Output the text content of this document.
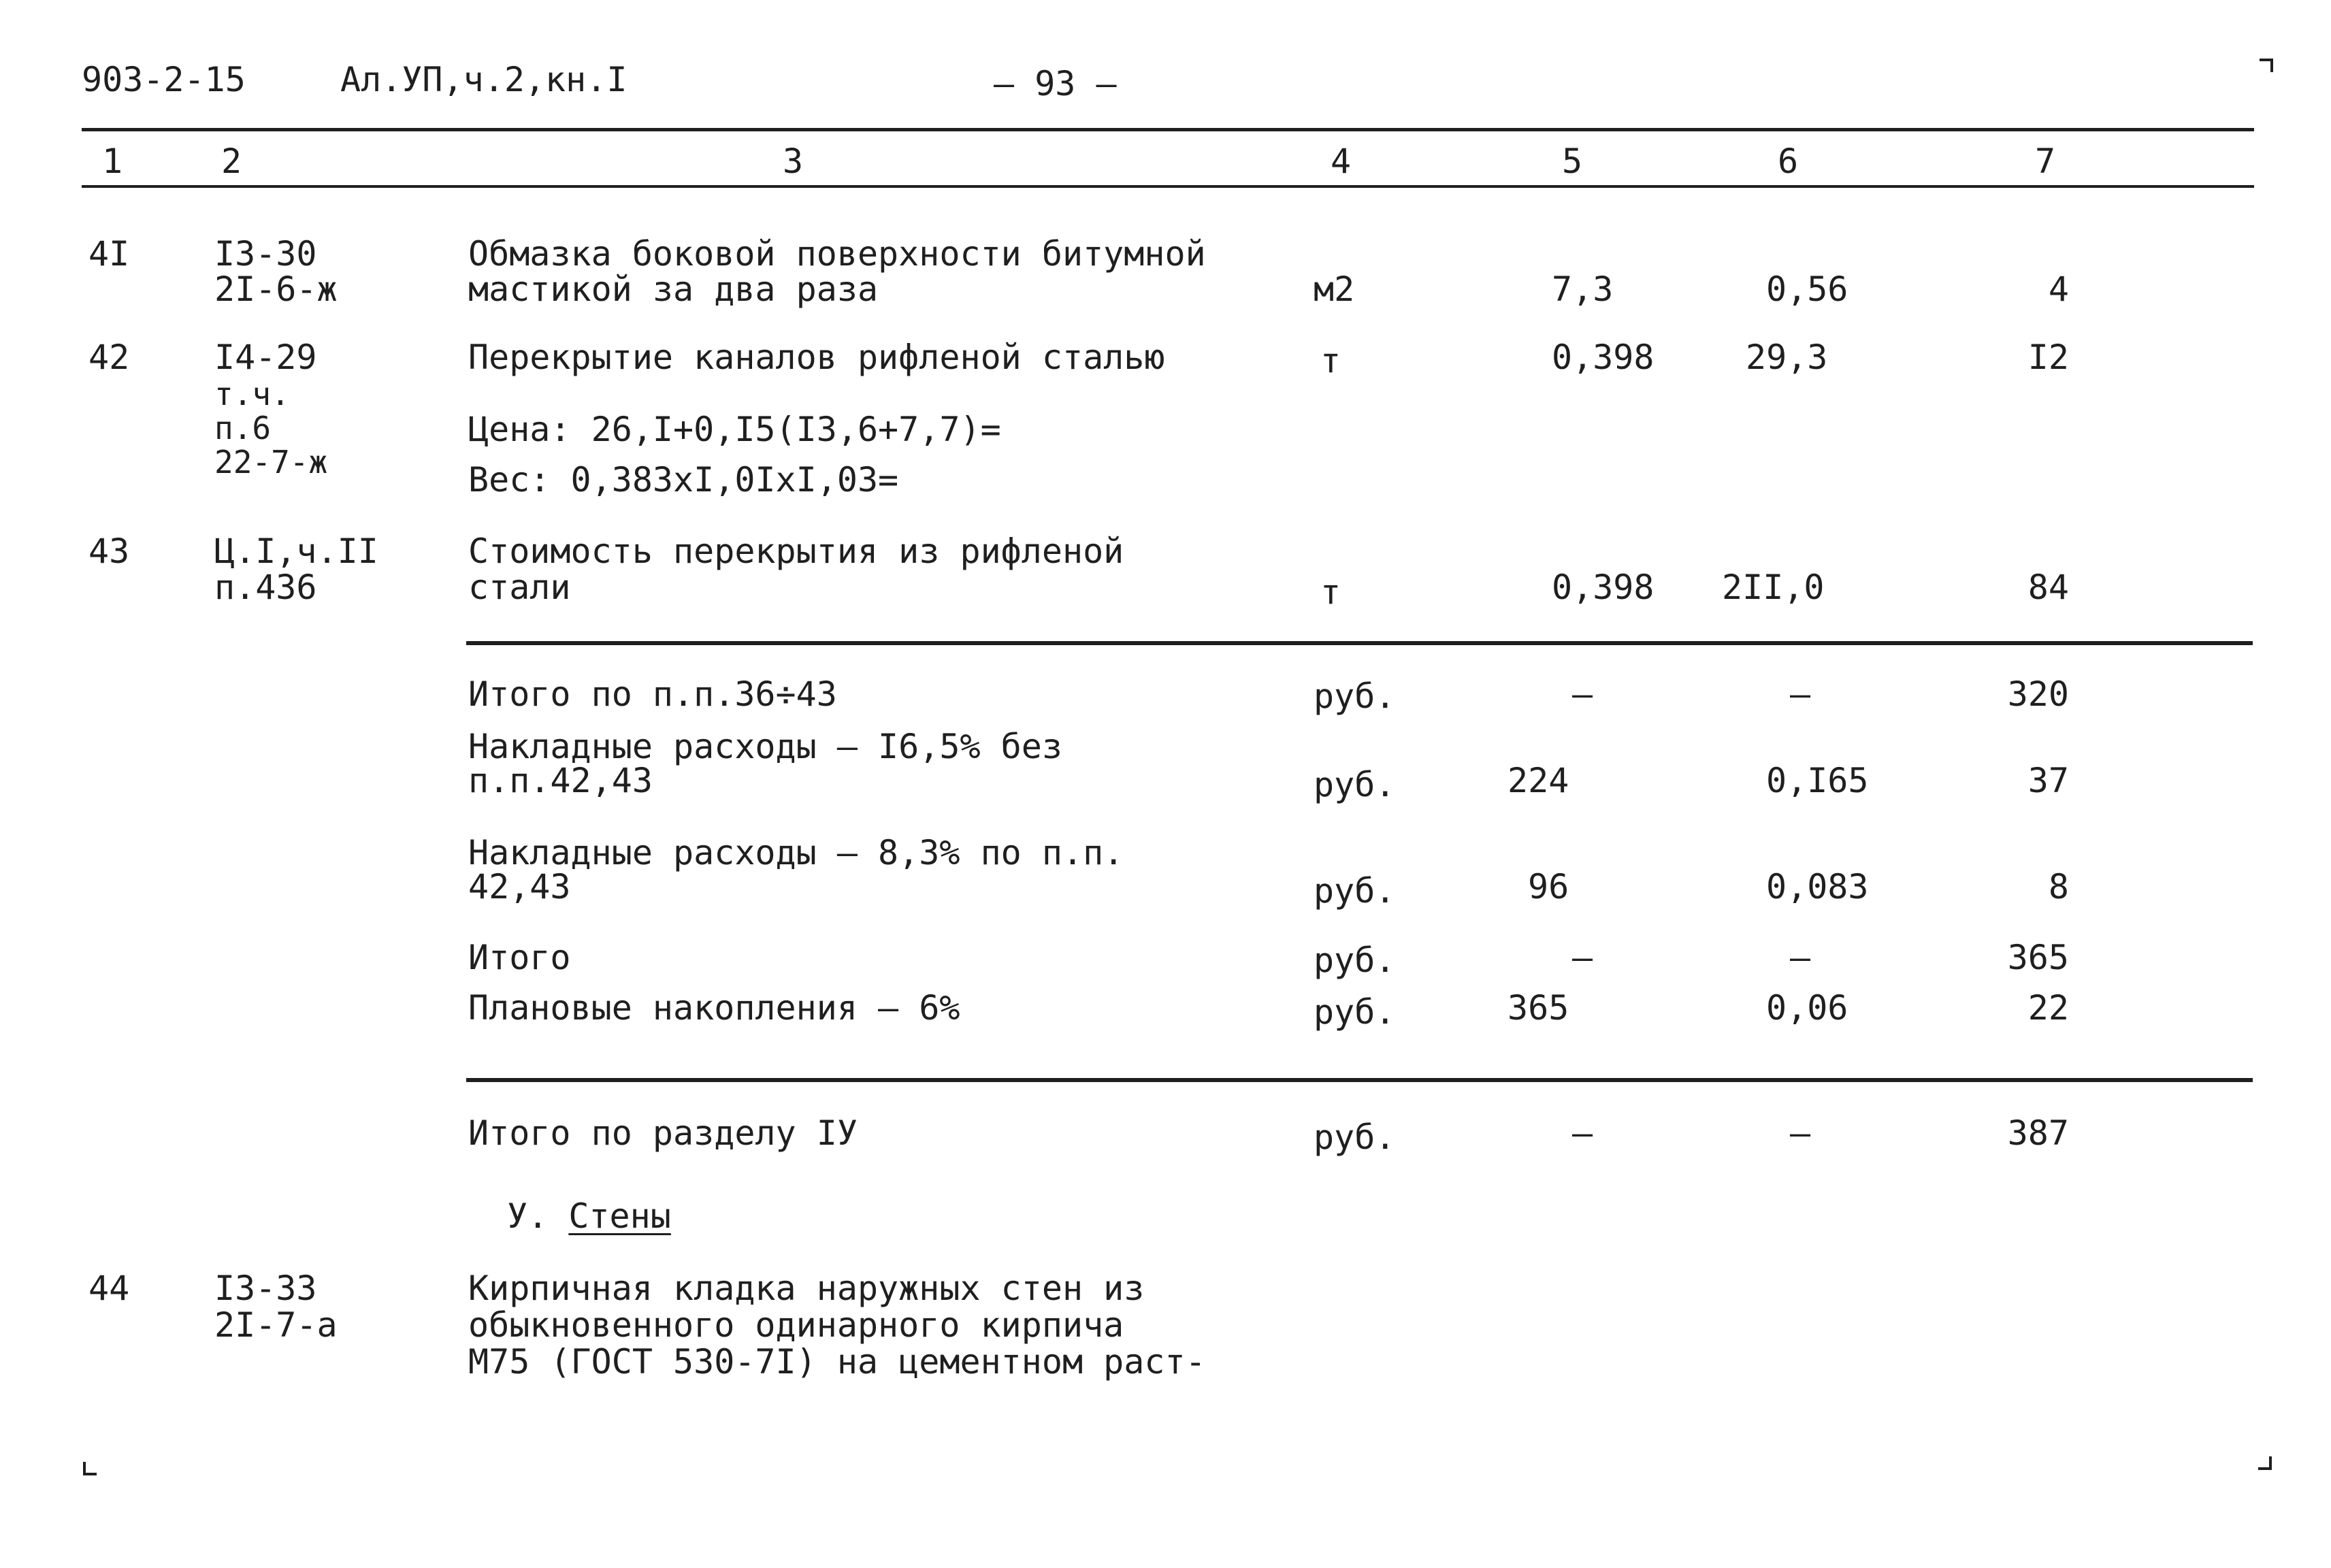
903-2-15	Ал.УП,ч.2,кн.I	– 93 –
1	2	3	4	5	6	7
4I I3-30
2I-6-ж
Обмазка боковой поверхности битумной
мастикой за два раза	м2	7,3	0,56	4
42 I4-29
т.ч.
п.6
22-7-ж
Перекрытие каналов рифленой сталью
Цена: 26,I+0,I5(I3,6+7,7)=
Вес: 0,383хI,0IхI,03=
т	0,398	29,3	I2
43 Ц.I,ч.II
п.436
Стоимость перекрытия из рифленой
стали	т	0,398 2II,0	84
Итого по п.п.36÷43	руб.	–	–	320
Накладные расходы – I6,5% без
п.п.42,43	руб.	224	0,I65	37
Накладные расходы – 8,3% по п.п.
42,43	руб.	96	0,083	8
Итого	руб.	–	–	365
Плановые накопления – 6%	руб.	365	0,06	22
Итого по разделу IУ	руб.	–	–	387
У. Стены
44 I3-33
2I-7-а
Кирпичная кладка наружных стен из
обыкновенного одинарного кирпича
М75 (ГОСТ 530-7I) на цементном раст-
